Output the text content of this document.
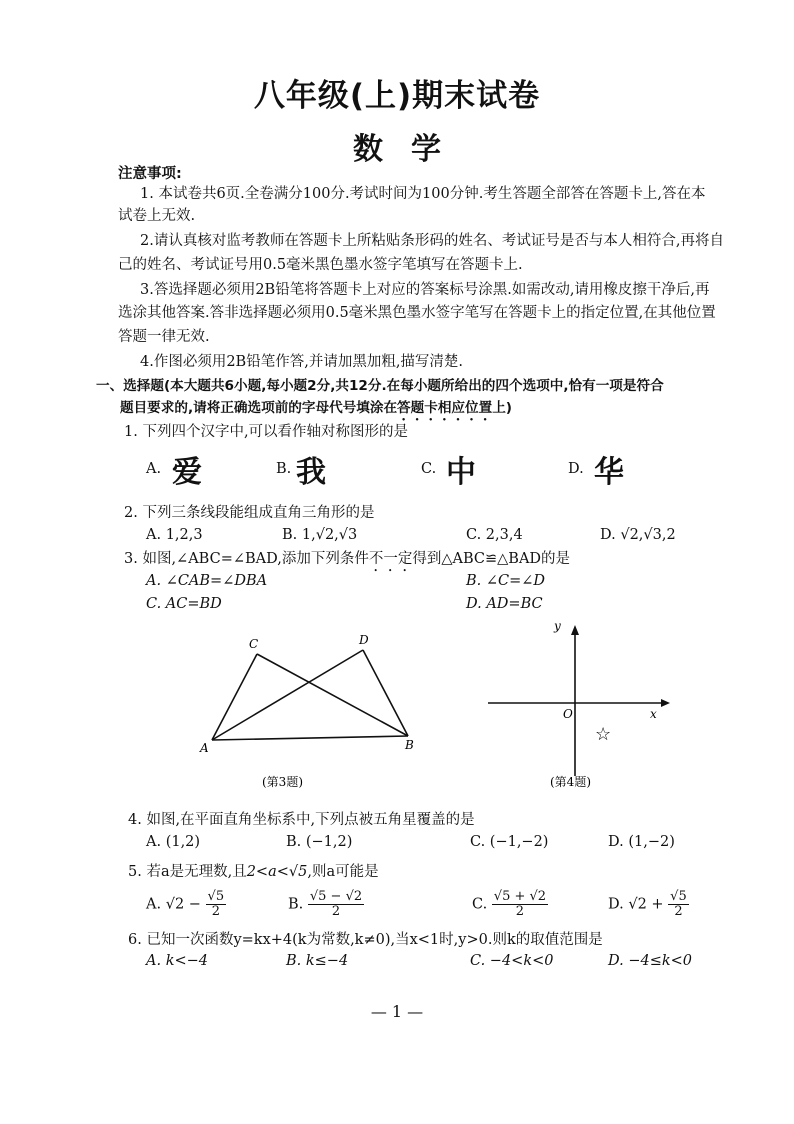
八年级(上)期末试卷
数学
注意事项:
1. 本试卷共6页.全卷满分100分.考试时间为100分钟.考生答题全部答在答题卡上,答在本
试卷上无效.
2.请认真核对监考教师在答题卡上所粘贴条形码的姓名、考试证号是否与本人相符合,再将自
己的姓名、考试证号用0.5毫米黑色墨水签字笔填写在答题卡上.
3.答选择题必须用2B铅笔将答题卡上对应的答案标号涂黑.如需改动,请用橡皮擦干净后,再
选涂其他答案.答非选择题必须用0.5毫米黑色墨水签字笔写在答题卡上的指定位置,在其他位置
答题一律无效.
4.作图必须用2B铅笔作答,并请加黑加粗,描写清楚.
一、选择题(本大题共6小题,每小题2分,共12分.在每小题所给出的四个选项中,恰有一项是符合
题目要求的,请将正确选项前的字母代号填涂在答题卡相应位置上)
1. 下列四个汉字中,可以看作轴对称图形的是
A. 爱	B. 我	C. 中	D. 华
2. 下列三条线段能组成直角三角形的是
A. 1,2,3	B. 1,√2,√3	C. 2,3,4	D. √2,√3,2
3. 如图,∠ABC=∠BAD,添加下列条件不一定得到△ABC≌△BAD的是
A. ∠CAB=∠DBA	B. ∠C=∠D
C. AC=BD	D. AD=BC
A	B
C	D
(第3题)
x
y
O
☆
(第4题)
4. 如图,在平面直角坐标系中,下列点被五角星覆盖的是
A. (1,2)	B. (−1,2)	C. (−1,−2)	D. (1,−2)
5. 若a是无理数,且2<a<√5,则a可能是
A. $√2 - \frac{√5}{2}$	B. $\frac{√5 - √2}{2}$	C. $\frac{√5 + √2}{2}$	D. $√2 + \frac{√5}{2}$
6. 已知一次函数y=kx+4(k为常数,k≠0),当x<1时,y>0.则k的取值范围是
A. k<−4	B. k≤−4	C. −4<k<0	D. −4≤k<0
— 1 —
